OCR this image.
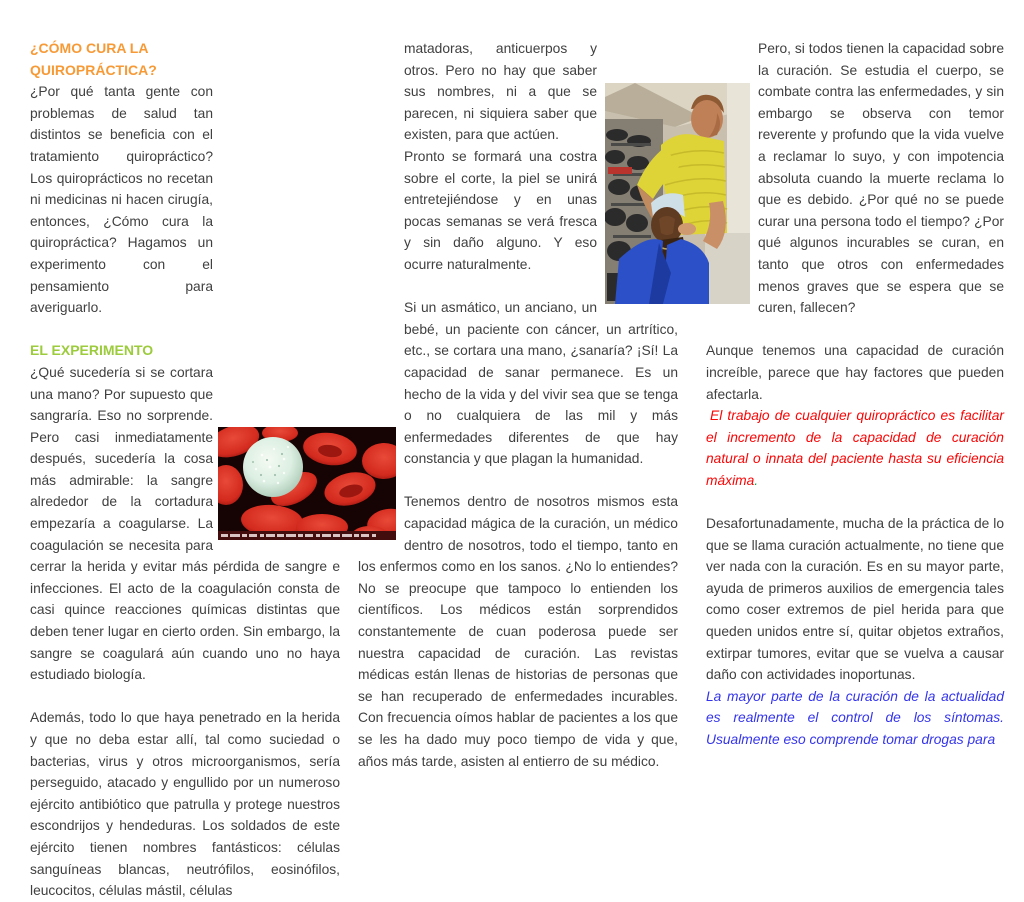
¿CÓMO CURA LA QUIROPRÁCTICA?

¿Por qué tanta gente con problemas de salud tan distintos se beneficia con el tratamiento quiropráctico? Los quiroprácticos no recetan ni medicinas ni hacen cirugía, entonces, ¿Cómo cura la quiropráctica? Hagamos un experimento con el pensamiento para averiguarlo.

EL EXPERIMENTO

¿Qué sucedería si se cortara una mano? Por supuesto que sangraría. Eso no sorprende. Pero casi inmediatamente después, sucedería la cosa más admirable: la sangre alrededor de la cortadura empezaría a coagularse. La coagulación se necesita para cerrar la herida y evitar más pérdida de sangre e infecciones. El acto de la coagulación consta de casi quince reacciones químicas distintas que deben tener lugar en cierto orden. Sin embargo, la sangre se coagulará aún cuando uno no haya estudiado biología.

Además, todo lo que haya penetrado en la herida y que no deba estar allí, tal como suciedad o bacterias, virus y otros microorganismos, sería perseguido, atacado y engullido por un numeroso ejército antibiótico que patrulla y protege nuestros escondrijos y hendeduras. Los soldados de este ejército tienen nombres fantásticos: células sanguíneas blancas, neutrófilos, eosinófilos, leucocitos, células mástil, células

matadoras, anticuerpos y otros. Pero no hay que saber sus nombres, ni a que se parecen, ni siquiera saber que existen, para que actúen.

Pronto se formará una costra sobre el corte, la piel se unirá entretejiéndose y en unas pocas semanas se verá fresca y sin daño alguno. Y eso ocurre naturalmente.

Si un asmático, un anciano, un bebé, un paciente con cáncer, un artrítico, etc., se cortara una mano, ¿sanaría? ¡Sí! La capacidad de sanar permanece. Es un hecho de la vida y del vivir sea que se tenga o no cualquiera de las mil y más enfermedades diferentes de que hay constancia y que plagan la humanidad.

Tenemos dentro de nosotros mismos esta capacidad mágica de la curación, un médico dentro de nosotros, todo el tiempo, tanto en los enfermos como en los sanos. ¿No lo entiendes? No se preocupe que tampoco lo entienden los científicos. Los médicos están sorprendidos constantemente de cuan poderosa puede ser nuestra capacidad de curación. Las revistas médicas están llenas de historias de personas que se han recuperado de enfermedades incurables. Con frecuencia oímos hablar de pacientes a los que se les ha dado muy poco tiempo de vida y que, años más tarde, asisten al entierro de su médico.

Pero, si todos tienen la capacidad sobre la curación. Se estudia el cuerpo, se combate contra las enfermedades, y sin embargo se observa con temor reverente y profundo que la vida vuelve a reclamar lo suyo, y con impotencia absoluta cuando la muerte reclama lo que es debido. ¿Por qué no se puede curar una persona todo el tiempo? ¿Por qué algunos incurables se curan, en tanto que otros con enfermedades menos graves que se espera que se curen, fallecen?

Aunque tenemos una capacidad de curación increíble, parece que hay factores que pueden afectarla.

El trabajo de cualquier quiropráctico es facilitar el incremento de la capacidad de curación natural o innata del paciente hasta su eficiencia máxima.

Desafortunadamente, mucha de la práctica de lo que se llama curación actualmente, no tiene que ver nada con la curación. Es en su mayor parte, ayuda de primeros auxilios de emergencia tales como coser extremos de piel herida para que queden unidos entre sí, quitar objetos extraños, extirpar tumores, evitar que se vuelva a causar daño con actividades inoportunas.

La mayor parte de la curación de la actualidad es realmente el control de los síntomas. Usualmente eso comprende tomar drogas para
